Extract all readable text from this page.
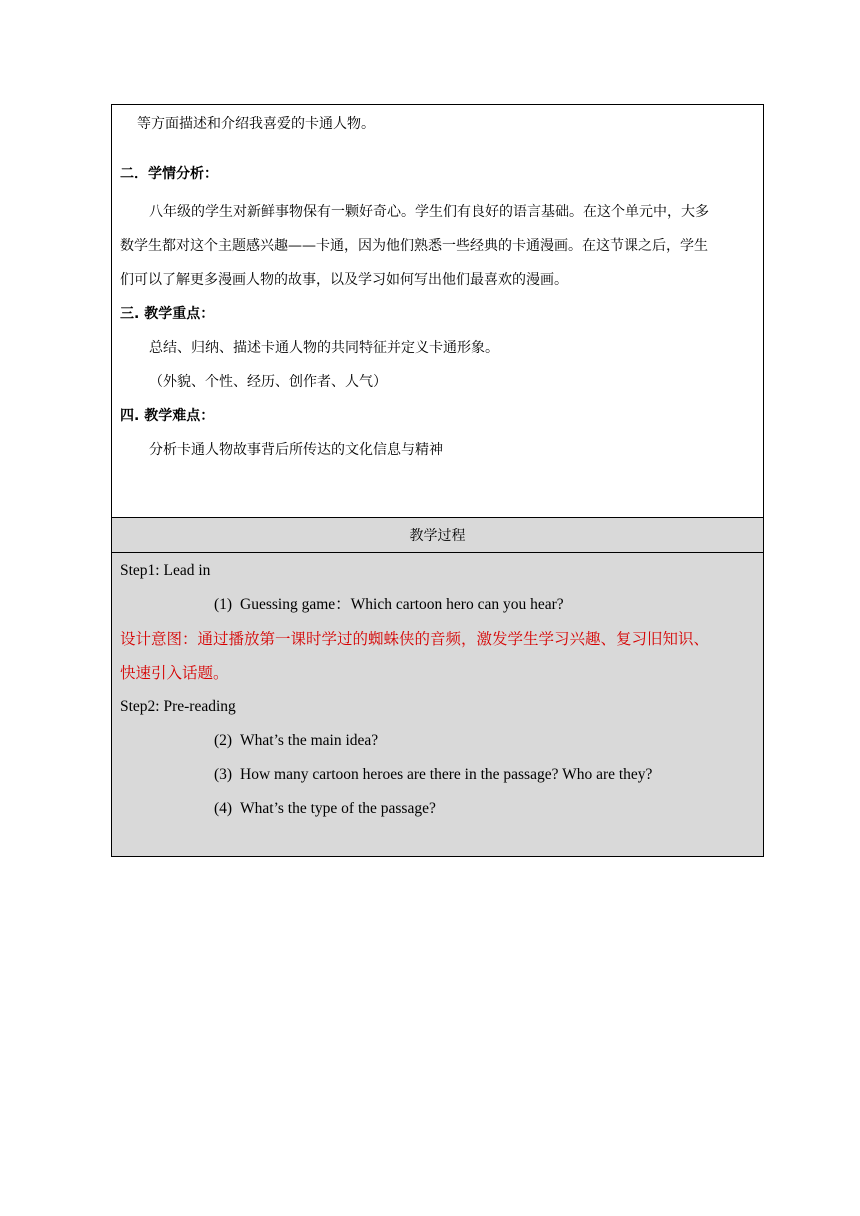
等方面描述和介绍我喜爱的卡通人物。
二．学情分析：
八年级的学生对新鲜事物保有一颗好奇心。学生们有良好的语言基础。在这个单元中，大多
数学生都对这个主题感兴趣——卡通，因为他们熟悉一些经典的卡通漫画。在这节课之后，学生
们可以了解更多漫画人物的故事，以及学习如何写出他们最喜欢的漫画。
三. 教学重点：
总结、归纳、描述卡通人物的共同特征并定义卡通形象。
（外貌、个性、经历、创作者、人气）
四. 教学难点：
分析卡通人物故事背后所传达的文化信息与精神
教学过程
Step1: Lead in
(1) Guessing game：Which cartoon hero can you hear?
设计意图：通过播放第一课时学过的蜘蛛侠的音频，激发学生学习兴趣、复习旧知识、
快速引入话题。
Step2: Pre-reading
(2) What’s the main idea?
(3) How many cartoon heroes are there in the passage? Who are they?
(4) What’s the type of the passage?
